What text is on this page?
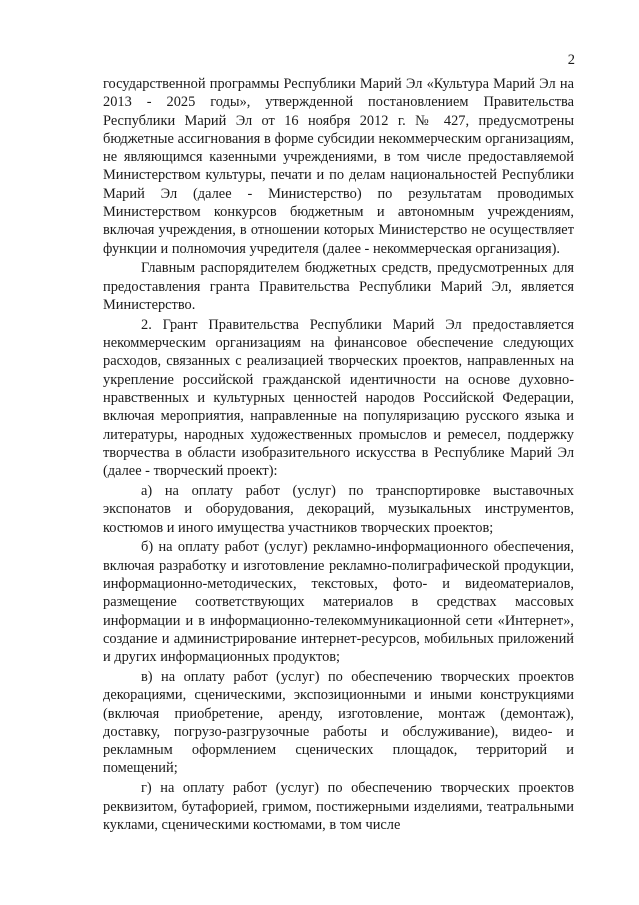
2

государственной программы Республики Марий Эл «Культура Марий Эл на 2013 - 2025 годы», утвержденной постановлением Правительства Республики Марий Эл от 16 ноября 2012 г. № 427, предусмотрены бюджетные ассигнования в форме субсидии некоммерческим организациям, не являющимся казенными учреждениями, в том числе предоставляемой Министерством культуры, печати и по делам национальностей Республики Марий Эл (далее - Министерство) по результатам проводимых Министерством конкурсов бюджетным и автономным учреждениям, включая учреждения, в отношении которых Министерство не осуществляет функции и полномочия учредителя (далее - некоммерческая организация).

Главным распорядителем бюджетных средств, предусмотренных для предоставления гранта Правительства Республики Марий Эл, является Министерство.

2. Грант Правительства Республики Марий Эл предоставляется некоммерческим организациям на финансовое обеспечение следующих расходов, связанных с реализацией творческих проектов, направленных на укрепление российской гражданской идентичности на основе духовно-нравственных и культурных ценностей народов Российской Федерации, включая мероприятия, направленные на популяризацию русского языка и литературы, народных художественных промыслов и ремесел, поддержку творчества в области изобразительного искусства в Республике Марий Эл (далее - творческий проект):

а) на оплату работ (услуг) по транспортировке выставочных экспонатов и оборудования, декораций, музыкальных инструментов, костюмов и иного имущества участников творческих проектов;

б) на оплату работ (услуг) рекламно-информационного обеспечения, включая разработку и изготовление рекламно-полиграфической продукции, информационно-методических, текстовых, фото- и видеоматериалов, размещение соответствующих материалов в средствах массовых информации и в информационно-телекоммуникационной сети «Интернет», создание и администрирование интернет-ресурсов, мобильных приложений и других информационных продуктов;

в) на оплату работ (услуг) по обеспечению творческих проектов декорациями, сценическими, экспозиционными и иными конструкциями (включая приобретение, аренду, изготовление, монтаж (демонтаж), доставку, погрузо-разгрузочные работы и обслуживание), видео- и рекламным оформлением сценических площадок, территорий и помещений;

г) на оплату работ (услуг) по обеспечению творческих проектов реквизитом, бутафорией, гримом, постижерными изделиями, театральными куклами, сценическими костюмами, в том числе
